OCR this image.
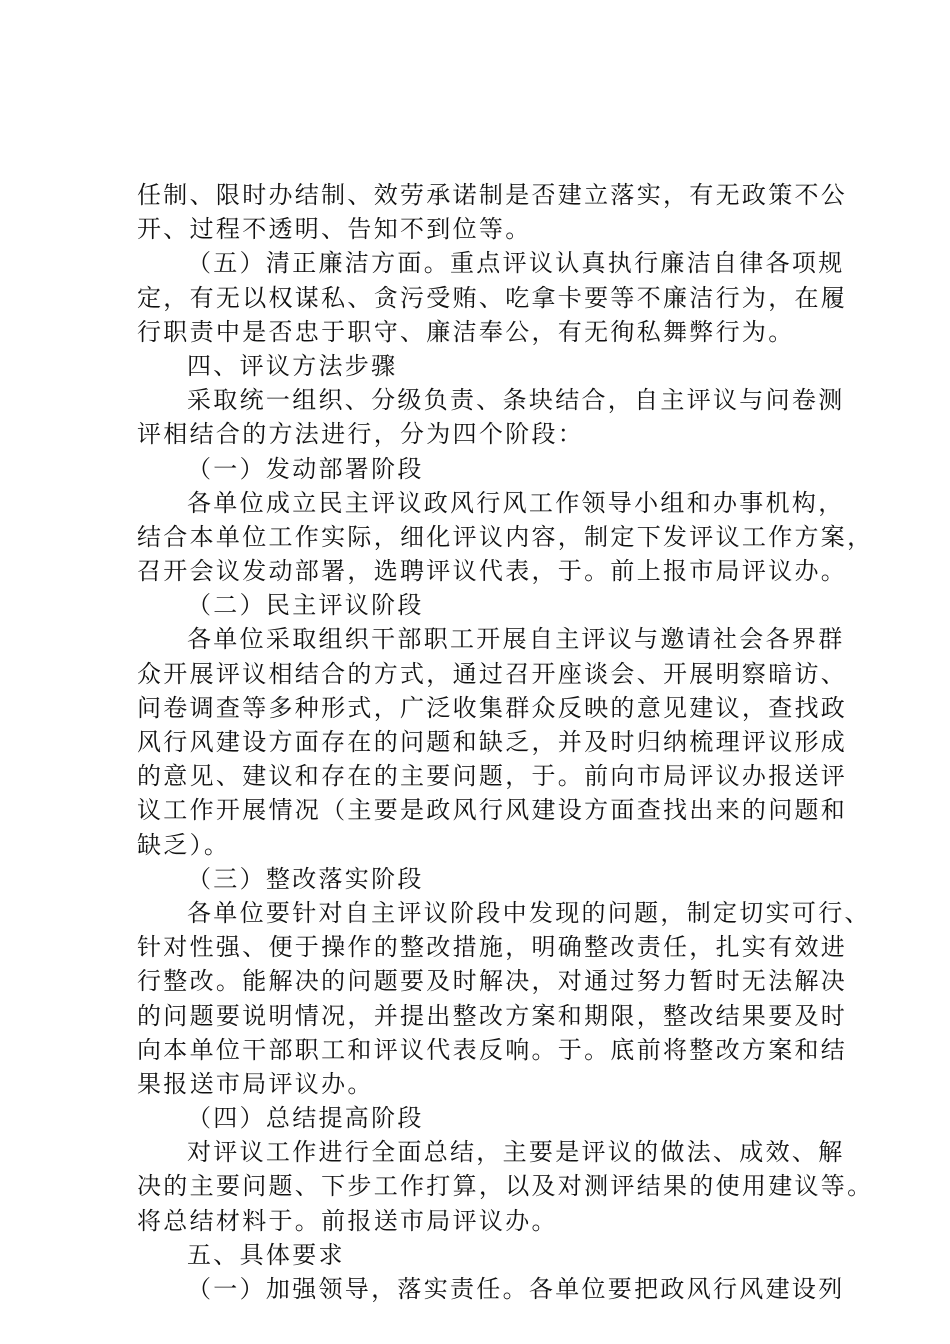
任制、限时办结制、效劳承诺制是否建立落实，有无政策不公
开、过程不透明、告知不到位等。
（五）清正廉洁方面。重点评议认真执行廉洁自律各项规
定，有无以权谋私、贪污受贿、吃拿卡要等不廉洁行为，在履
行职责中是否忠于职守、廉洁奉公，有无徇私舞弊行为。
四、评议方法步骤
采取统一组织、分级负责、条块结合，自主评议与问卷测
评相结合的方法进行，分为四个阶段：
（一）发动部署阶段
各单位成立民主评议政风行风工作领导小组和办事机构，
结合本单位工作实际，细化评议内容，制定下发评议工作方案，
召开会议发动部署，选聘评议代表，于。前上报市局评议办。
（二）民主评议阶段
各单位采取组织干部职工开展自主评议与邀请社会各界群
众开展评议相结合的方式，通过召开座谈会、开展明察暗访、
问卷调查等多种形式，广泛收集群众反映的意见建议，查找政
风行风建设方面存在的问题和缺乏，并及时归纳梳理评议形成
的意见、建议和存在的主要问题，于。前向市局评议办报送评
议工作开展情况（主要是政风行风建设方面查找出来的问题和
缺乏）。
（三）整改落实阶段
各单位要针对自主评议阶段中发现的问题，制定切实可行、
针对性强、便于操作的整改措施，明确整改责任，扎实有效进
行整改。能解决的问题要及时解决，对通过努力暂时无法解决
的问题要说明情况，并提出整改方案和期限，整改结果要及时
向本单位干部职工和评议代表反响。于。底前将整改方案和结
果报送市局评议办。
（四）总结提高阶段
对评议工作进行全面总结，主要是评议的做法、成效、解
决的主要问题、下步工作打算，以及对测评结果的使用建议等。
将总结材料于。前报送市局评议办。
五、具体要求
（一）加强领导，落实责任。各单位要把政风行风建设列
